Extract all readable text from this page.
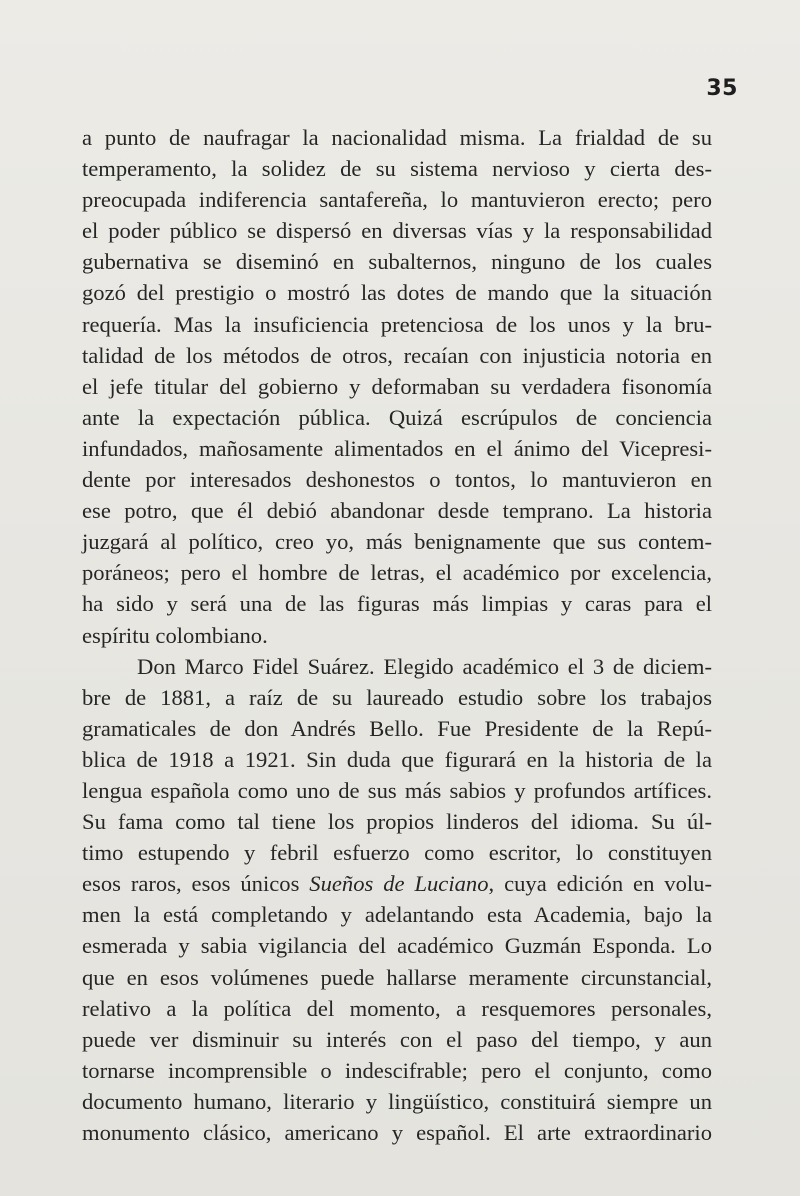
35
a punto de naufragar la nacionalidad misma. La frialdad de su
temperamento, la solidez de su sistema nervioso y cierta des-
preocupada indiferencia santafereña, lo mantuvieron erecto; pero
el poder público se dispersó en diversas vías y la responsabilidad
gubernativa se diseminó en subalternos, ninguno de los cuales
gozó del prestigio o mostró las dotes de mando que la situación
requería. Mas la insuficiencia pretenciosa de los unos y la bru-
talidad de los métodos de otros, recaían con injusticia notoria en
el jefe titular del gobierno y deformaban su verdadera fisonomía
ante la expectación pública. Quizá escrúpulos de conciencia
infundados, mañosamente alimentados en el ánimo del Vicepresi-
dente por interesados deshonestos o tontos, lo mantuvieron en
ese potro, que él debió abandonar desde temprano. La historia
juzgará al político, creo yo, más benignamente que sus contem-
poráneos; pero el hombre de letras, el académico por excelencia,
ha sido y será una de las figuras más limpias y caras para el
espíritu colombiano.
Don Marco Fidel Suárez. Elegido académico el 3 de diciem-
bre de 1881, a raíz de su laureado estudio sobre los trabajos
gramaticales de don Andrés Bello. Fue Presidente de la Repú-
blica de 1918 a 1921. Sin duda que figurará en la historia de la
lengua española como uno de sus más sabios y profundos artífices.
Su fama como tal tiene los propios linderos del idioma. Su úl-
timo estupendo y febril esfuerzo como escritor, lo constituyen
esos raros, esos únicos Sueños de Luciano, cuya edición en volu-
men la está completando y adelantando esta Academia, bajo la
esmerada y sabia vigilancia del académico Guzmán Esponda. Lo
que en esos volúmenes puede hallarse meramente circunstancial,
relativo a la política del momento, a resquemores personales,
puede ver disminuir su interés con el paso del tiempo, y aun
tornarse incomprensible o indescifrable; pero el conjunto, como
documento humano, literario y lingüístico, constituirá siempre un
monumento clásico, americano y español. El arte extraordinario
